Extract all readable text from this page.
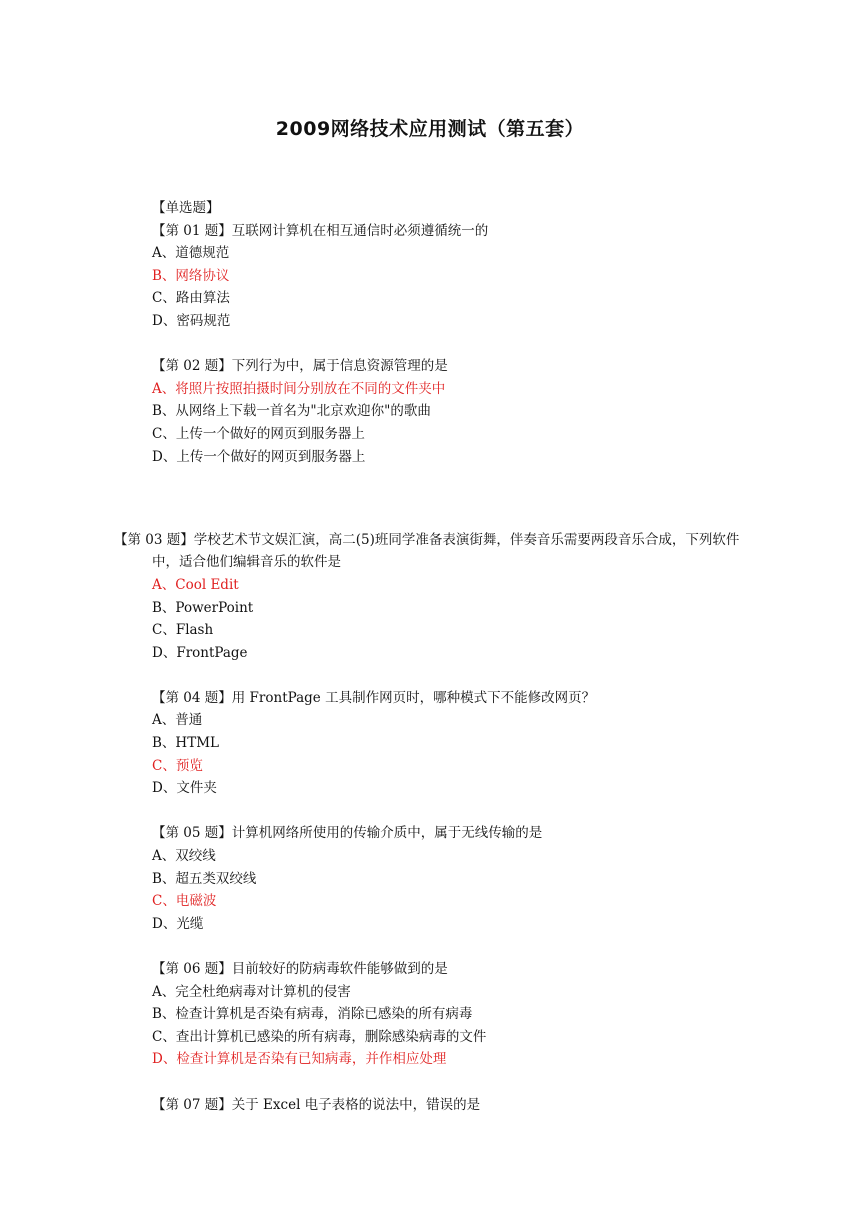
2009网络技术应用测试（第五套）
【单选题】
【第 01 题】互联网计算机在相互通信时必须遵循统一的
A、道德规范
B、网络协议
C、路由算法
D、密码规范
【第 02 题】下列行为中，属于信息资源管理的是
A、将照片按照拍摄时间分别放在不同的文件夹中
B、从网络上下载一首名为"北京欢迎你"的歌曲
C、上传一个做好的网页到服务器上
D、上传一个做好的网页到服务器上
【第 03 题】学校艺术节文娱汇演，高二(5)班同学准备表演街舞，伴奏音乐需要两段音乐合成，下列软件中，适合他们编辑音乐的软件是
A、Cool Edit
B、PowerPoint
C、Flash
D、FrontPage
【第 04 题】用 FrontPage 工具制作网页时，哪种模式下不能修改网页？
A、普通
B、HTML
C、预览
D、文件夹
【第 05 题】计算机网络所使用的传输介质中，属于无线传输的是
A、双绞线
B、超五类双绞线
C、电磁波
D、光缆
【第 06 题】目前较好的防病毒软件能够做到的是
A、完全杜绝病毒对计算机的侵害
B、检查计算机是否染有病毒，消除已感染的所有病毒
C、查出计算机已感染的所有病毒，删除感染病毒的文件
D、检查计算机是否染有已知病毒，并作相应处理
【第 07 题】关于 Excel 电子表格的说法中，错误的是
